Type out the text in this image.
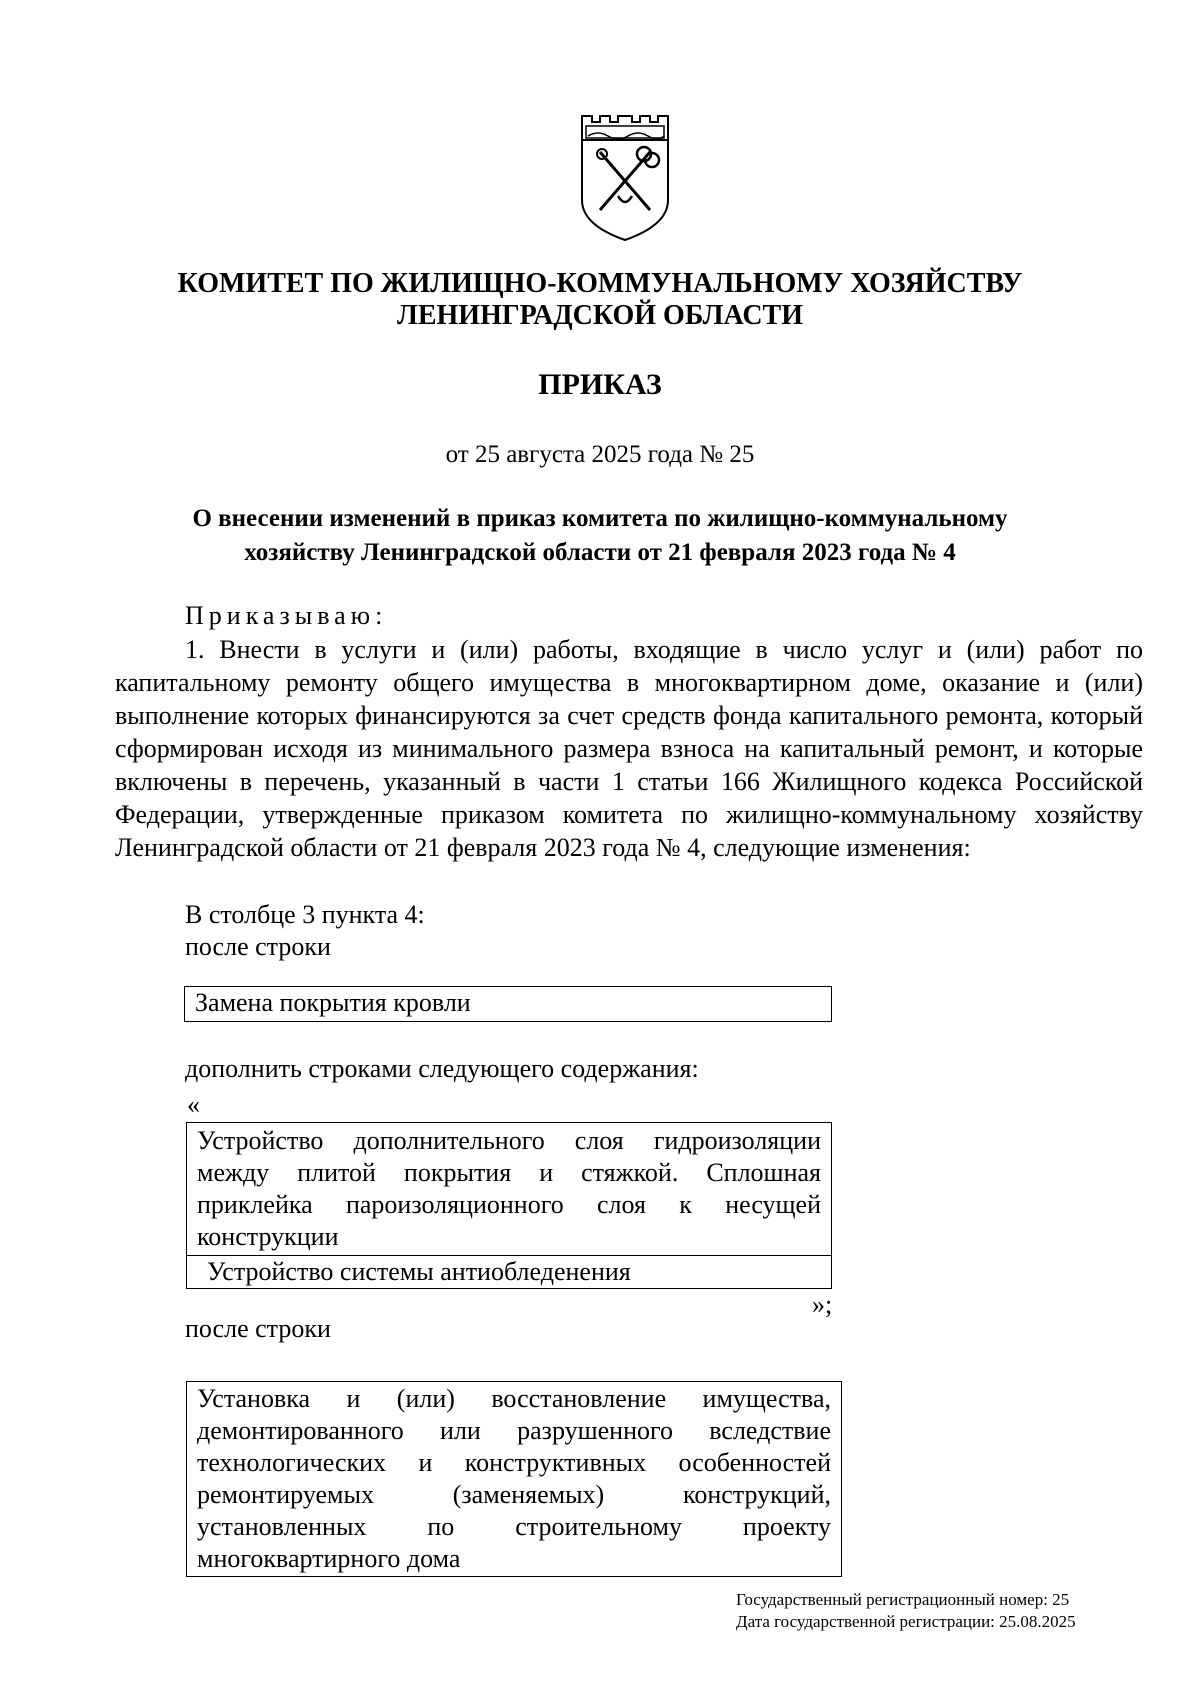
КОМИТЕТ ПО ЖИЛИЩНО-КОММУНАЛЬНОМУ ХОЗЯЙСТВУ
ЛЕНИНГРАДСКОЙ ОБЛАСТИ
ПРИКАЗ
от 25 августа 2025 года № 25
О внесении изменений в приказ комитета по жилищно-коммунальному
хозяйству Ленинградской области от 21 февраля 2023 года № 4
Приказываю:

1. Внести в услуги и (или) работы, входящие в число услуг и (или) работ по капитальному ремонту общего имущества в многоквартирном доме, оказание и (или) выполнение которых финансируются за счет средств фонда капитального ремонта, который сформирован исходя из минимального размера взноса на капитальный ремонт, и которые включены в перечень, указанный в части 1 статьи 166 Жилищного кодекса Российской Федерации, утвержденные приказом комитета по жилищно-коммунальному хозяйству Ленинградской области от 21 февраля 2023 года № 4, следующие изменения:

В столбце 3 пункта 4:
после строки
Замена покрытия кровли
дополнить строками следующего содержания:
«
Устройство дополнительного слоя гидроизоляции между плитой покрытия и стяжкой. Сплошная приклейка пароизоляционного слоя к несущей конструкции
Устройство системы антиобледенения
»;
после строки
Установка и (или) восстановление имущества, демонтированного или разрушенного вследствие технологических и конструктивных особенностей ремонтируемых (заменяемых) конструкций, установленных по строительному проекту многоквартирного дома
Государственный регистрационный номер: 25
Дата государственной регистрации: 25.08.2025
